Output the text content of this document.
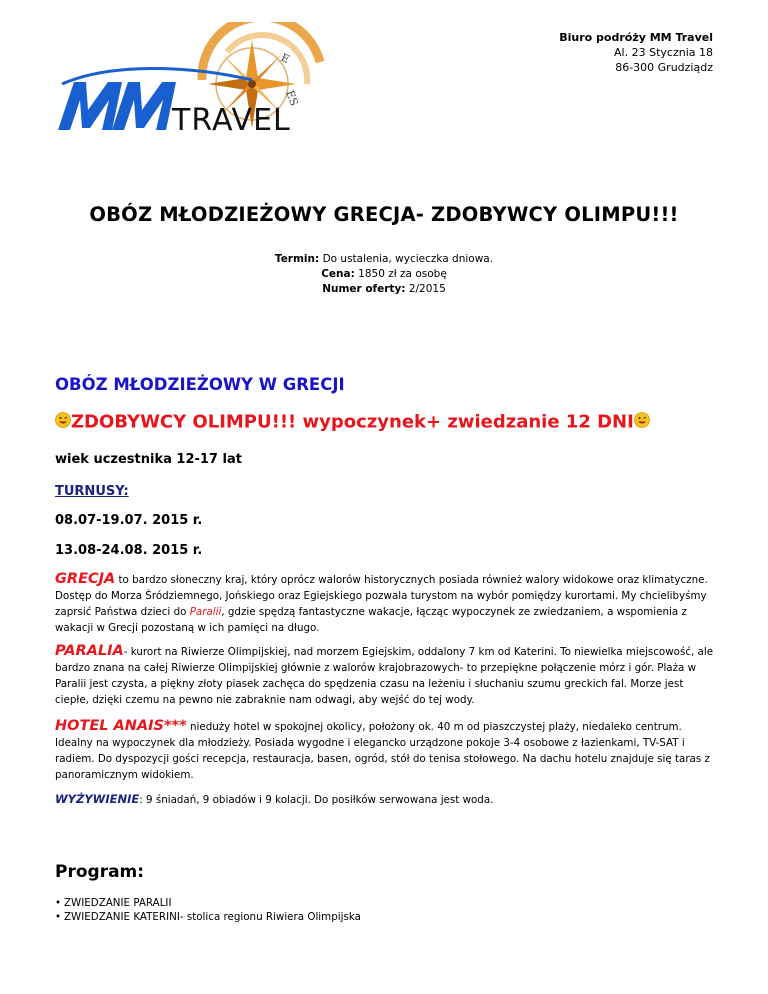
Biuro podróży MM Travel
Al. 23 Stycznia 18
86-300 Grudziądz
E
ES
TRAVEL
OBÓZ MŁODZIEŻOWY GRECJA- ZDOBYWCY OLIMPU!!!
Termin: Do ustalenia, wycieczka dniowa.
Cena: 1850 zł za osobę
Numer oferty: 2/2015
OBÓZ MŁODZIEŻOWY W GRECJI
ZDOBYWCY OLIMPU!!! wypoczynek+ zwiedzanie 12 DNI
wiek uczestnika 12-17 lat
TURNUSY:
08.07-19.07. 2015 r.
13.08-24.08. 2015 r.
GRECJA to bardzo słoneczny kraj, który oprócz walorów historycznych posiada również walory widokowe oraz klimatyczne. Dostęp do Morza Śródziemnego, Jońskiego oraz Egiejskiego pozwala turystom na wybór pomiędzy kurortami. My chcielibyśmy zaprsić Państwa dzieci do Paralii, gdzie spędzą fantastyczne wakacje, łącząc wypoczynek ze zwiedzaniem, a wspomienia z wakacji w Grecji pozostaną w ich pamięci na długo.
PARALIA- kurort na Riwierze Olimpijskiej, nad morzem Egiejskim, oddalony 7 km od Katerini. To niewielka miejscowość, ale bardzo znana na całej Riwierze Olimpijskiej głównie z walorów krajobrazowych- to przepiękne połączenie mórz i gór. Plaża w Paralii jest czysta, a piękny złoty piasek zachęca do spędzenia czasu na leżeniu i słuchaniu szumu greckich fal. Morze jest ciepłe, dzięki czemu na pewno nie zabraknie nam odwagi, aby wejść do tej wody.
HOTEL ANAIS*** nieduży hotel w spokojnej okolicy, położony ok. 40 m od piaszczystej plaży, niedaleko centrum. Idealny na wypoczynek dla młodzieży. Posiada wygodne i elegancko urządzone pokoje 3-4 osobowe z łazienkami, TV-SAT i radiem. Do dyspozycji gości recepcja, restauracja, basen, ogród, stół do tenisa stołowego. Na dachu hotelu znajduje się taras z panoramicznym widokiem.
WYŻYWIENIE: 9 śniadań, 9 obiadów i 9 kolacji. Do posiłków serwowana jest woda.
Program:
• ZWIEDZANIE PARALII
• ZWIEDZANIE KATERINI- stolica regionu Riwiera Olimpijska
